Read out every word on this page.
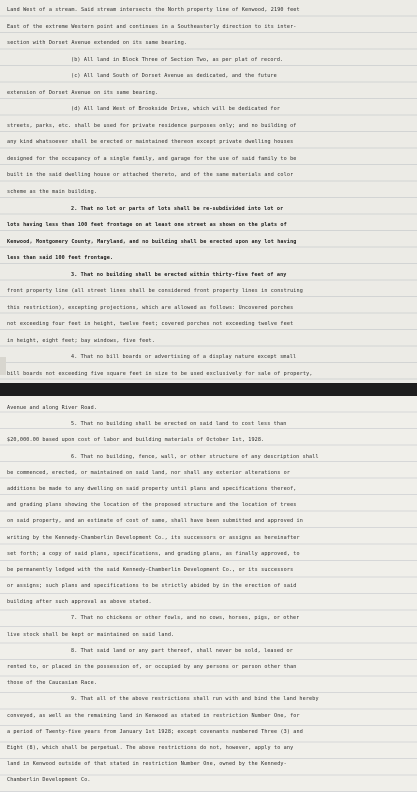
Land West of a stream. Said stream intersects the North property line of Kenwood, 2190 feet
East of the extreme Western point and continues in a Southeasterly direction to its inter-
section with Dorset Avenue extended on its same bearing.
(b) All land in Block Three of Section Two, as per plat of record.
(c) All land South of Dorset Avenue as dedicated, and the future
extension of Dorset Avenue on its same bearing.
(d) All land West of Brookside Drive, which will be dedicated for
streets, parks, etc. shall be used for private residence purposes only; and no building of
any kind whatsoever shall be erected or maintained thereon except private dwelling houses
designed for the occupancy of a single family, and garage for the use of said family to be
built in the said dwelling house or attached thereto, and of the same materials and color
scheme as the main building.
2. That no lot or parts of lots shall be re-subdivided into lot or
lots having less than 100 feet frontage on at least one street as shown on the plats of
Kenwood, Montgomery County, Maryland, and no building shall be erected upon any lot having
less than said 100 feet frontage.
3. That no building shall be erected within thirty-five feet of any
front property line (all street lines shall be considered front property lines in construing
this restriction), excepting projections, which are allowed as follows: Uncovered porches
not exceeding four feet in height, twelve feet; covered porches not exceeding twelve feet
in height, eight feet; bay windows, five feet.
4. That no bill boards or advertising of a display nature except small
bill boards not exceeding five square feet in size to be used exclusively for sale of property,
Avenue and along River Road.
5. That no building shall be erected on said land to cost less than
$20,000.00 based upon cost of labor and building materials of October 1st, 1928.
6. That no building, fence, wall, or other structure of any description shall
be commenced, erected, or maintained on said land, nor shall any exterior alterations or
additions be made to any dwelling on said property until plans and specifications thereof,
and grading plans showing the location of the proposed structure and the location of trees
on said property, and an estimate of cost of same, shall have been submitted and approved in
writing by the Kennedy-Chamberlin Development Co., its successors or assigns as hereinafter
set forth; a copy of said plans, specifications, and grading plans, as finally approved, to
be permanently lodged with the said Kennedy-Chamberlin Development Co., or its successors
or assigns; such plans and specifications to be strictly abided by in the erection of said
building after such approval as above stated.
7. That no chickens or other fowls, and no cows, horses, pigs, or other
live stock shall be kept or maintained on said land.
8. That said land or any part thereof, shall never be sold, leased or
rented to, or placed in the possession of, or occupied by any persons or person other than
those of the Caucasian Race.
9. That all of the above restrictions shall run with and bind the land hereby
conveyed, as well as the remaining land in Kenwood as stated in restriction Number One, for
a period of Twenty-five years from January 1st 1928; except covenants numbered Three (3) and
Eight (8), which shall be perpetual. The above restrictions do not, however, apply to any
land in Kenwood outside of that stated in restriction Number One, owned by the Kennedy-
Chamberlin Development Co.
